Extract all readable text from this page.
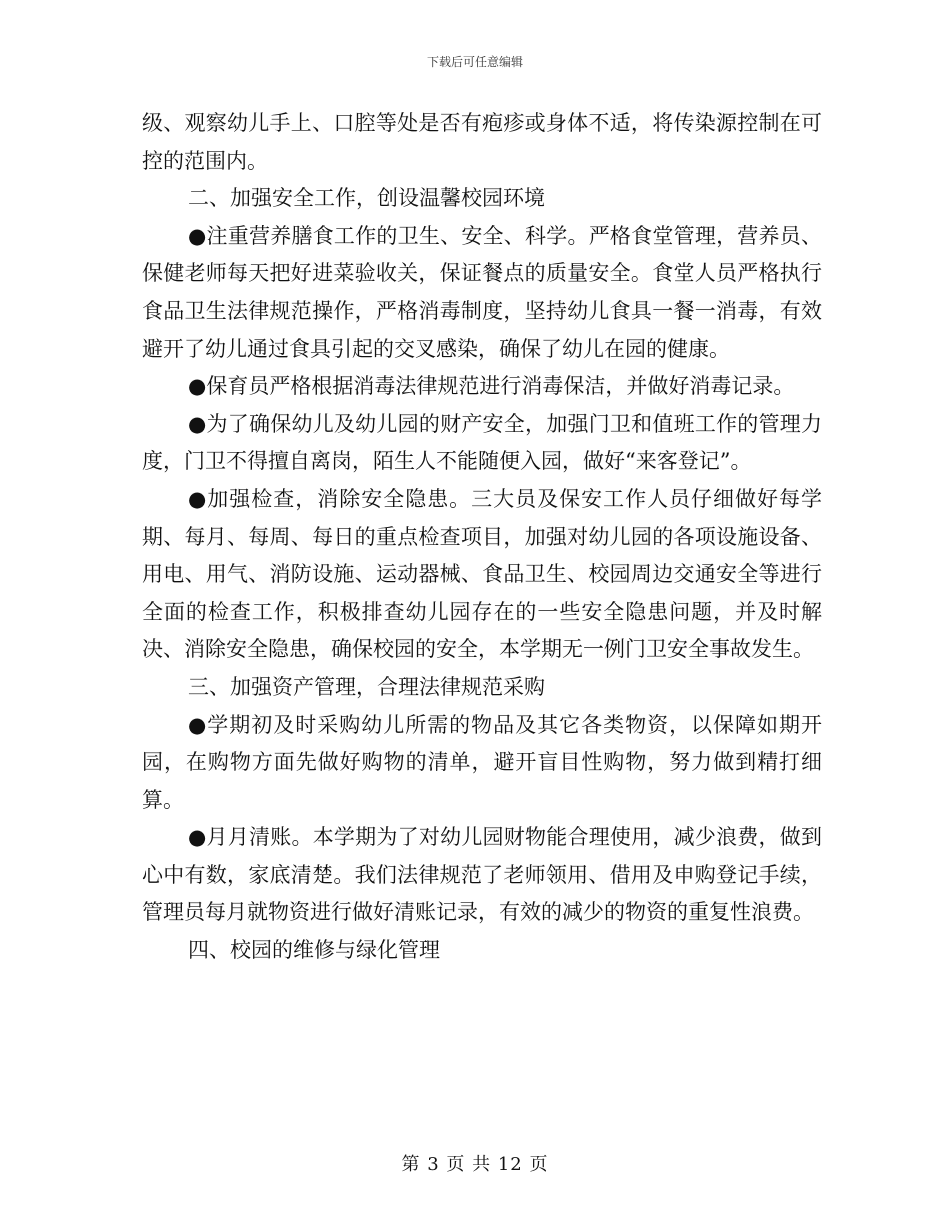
下载后可任意编辑

级、观察幼儿手上、口腔等处是否有疱疹或身体不适，将传染源控制在可控的范围内。

二、加强安全工作，创设温馨校园环境

●注重营养膳食工作的卫生、安全、科学。严格食堂管理，营养员、保健老师每天把好进菜验收关，保证餐点的质量安全。食堂人员严格执行食品卫生法律规范操作，严格消毒制度，坚持幼儿食具一餐一消毒，有效避开了幼儿通过食具引起的交叉感染，确保了幼儿在园的健康。

●保育员严格根据消毒法律规范进行消毒保洁，并做好消毒记录。

●为了确保幼儿及幼儿园的财产安全，加强门卫和值班工作的管理力度，门卫不得擅自离岗，陌生人不能随便入园，做好“来客登记”。

●加强检查，消除安全隐患。三大员及保安工作人员仔细做好每学期、每月、每周、每日的重点检查项目，加强对幼儿园的各项设施设备、用电、用气、消防设施、运动器械、食品卫生、校园周边交通安全等进行全面的检查工作，积极排查幼儿园存在的一些安全隐患问题，并及时解决、消除安全隐患，确保校园的安全，本学期无一例门卫安全事故发生。

三、加强资产管理，合理法律规范采购

●学期初及时采购幼儿所需的物品及其它各类物资，以保障如期开园，在购物方面先做好购物的清单，避开盲目性购物，努力做到精打细算。

●月月清账。本学期为了对幼儿园财物能合理使用，减少浪费，做到心中有数，家底清楚。我们法律规范了老师领用、借用及申购登记手续，管理员每月就物资进行做好清账记录，有效的减少的物资的重复性浪费。

四、校园的维修与绿化管理

第 3 页 共 12 页
